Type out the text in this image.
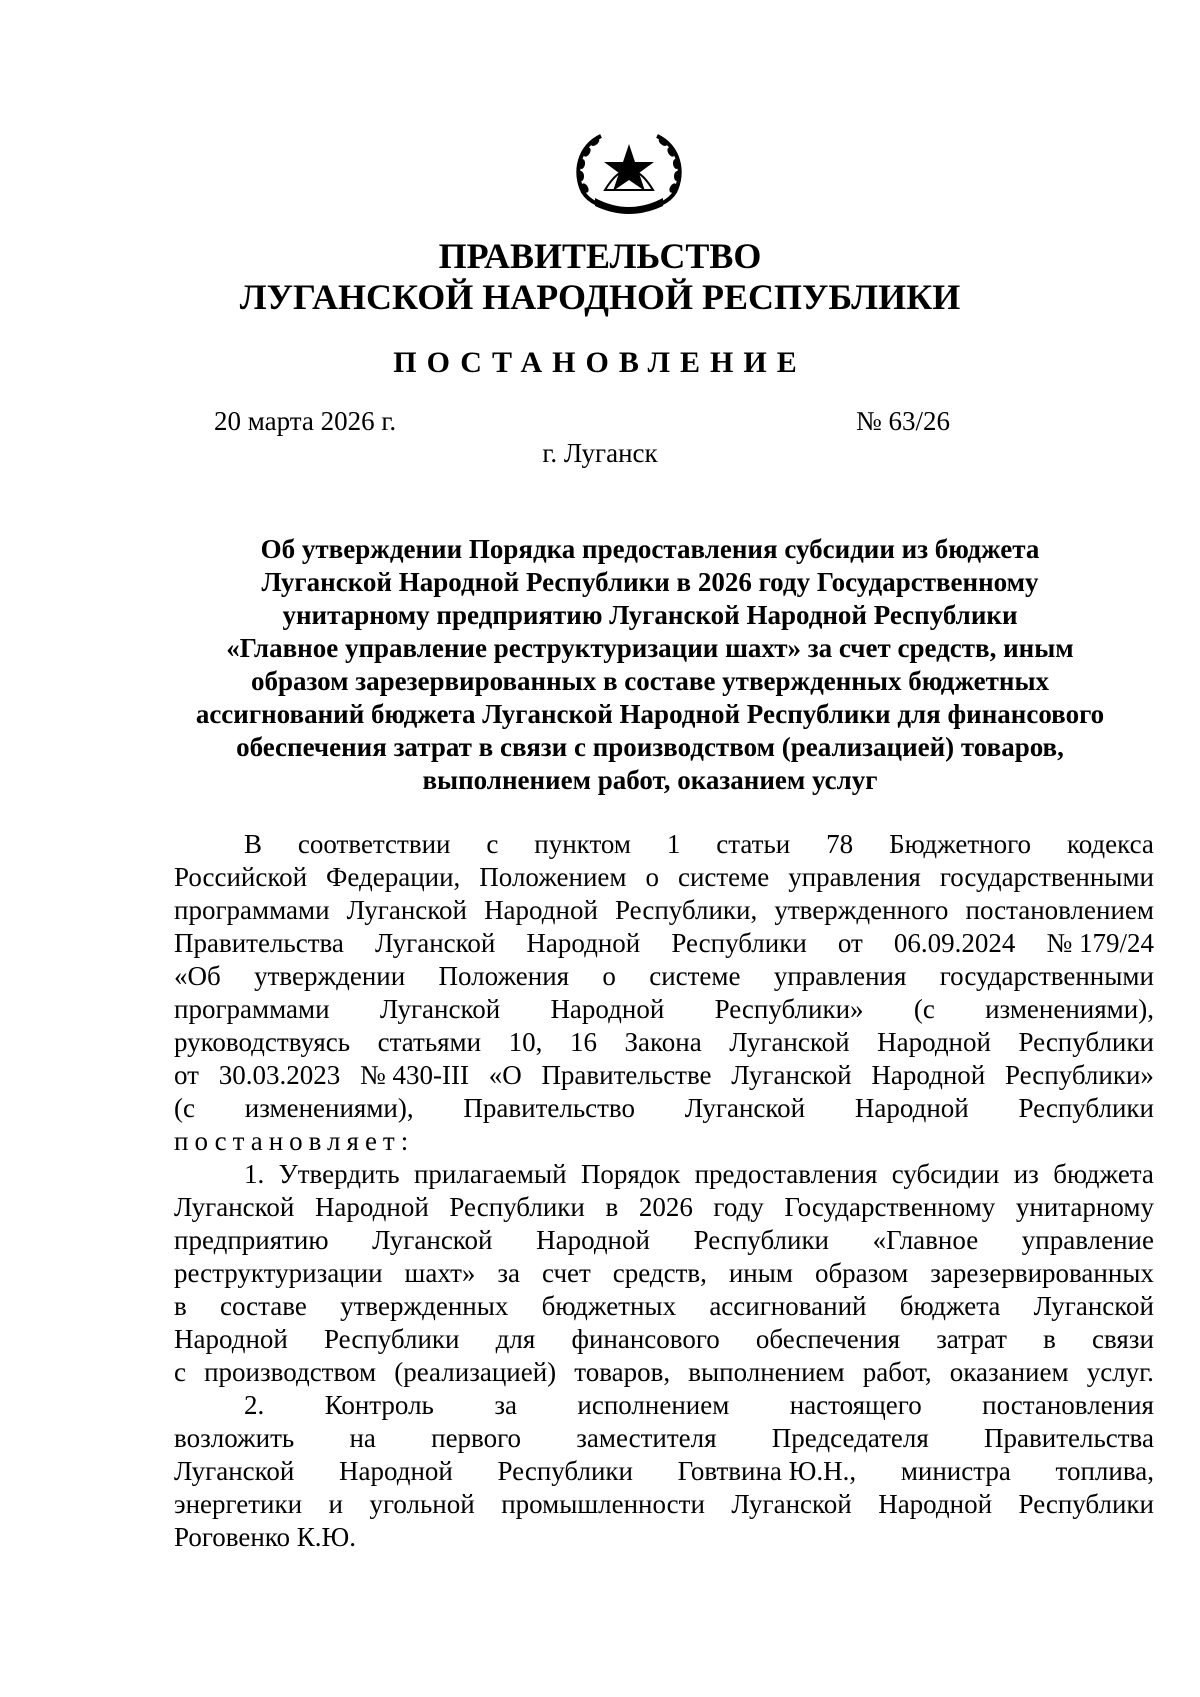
ПРАВИТЕЛЬСТВО
ЛУГАНСКОЙ НАРОДНОЙ РЕСПУБЛИКИ
ПОСТАНОВЛЕНИЕ
20 марта 2026 г.	№ 63/26
г. Луганск
Об утверждении Порядка предоставления субсидии из бюджета
Луганской Народной Республики в 2026 году Государственному
унитарному предприятию Луганской Народной Республики
«Главное управление реструктуризации шахт» за счет средств, иным
образом зарезервированных в составе утвержденных бюджетных
ассигнований бюджета Луганской Народной Республики для финансового
обеспечения затрат в связи с производством (реализацией) товаров,
выполнением работ, оказанием услуг
В соответствии с пунктом 1 статьи 78 Бюджетного кодекса
Российской Федерации, Положением о системе управления государственными
программами Луганской Народной Республики, утвержденного постановлением
Правительства Луганской Народной Республики от 06.09.2024 № 179/24
«Об утверждении Положения о системе управления государственными
программами Луганской Народной Республики» (с изменениями),
руководствуясь статьями 10, 16 Закона Луганской Народной Республики
от 30.03.2023 № 430-III «О Правительстве Луганской Народной Республики»
(с изменениями), Правительство Луганской Народной Республики
постановляет:
1. Утвердить прилагаемый Порядок предоставления субсидии из бюджета
Луганской Народной Республики в 2026 году Государственному унитарному
предприятию Луганской Народной Республики «Главное управление
реструктуризации шахт» за счет средств, иным образом зарезервированных
в составе утвержденных бюджетных ассигнований бюджета Луганской
Народной Республики для финансового обеспечения затрат в связи
с производством (реализацией) товаров, выполнением работ, оказанием услуг.
2. Контроль за исполнением настоящего постановления
возложить на первого заместителя Председателя Правительства
Луганской Народной Республики Говтвина Ю.Н., министра топлива,
энергетики и угольной промышленности Луганской Народной Республики
Роговенко К.Ю.
